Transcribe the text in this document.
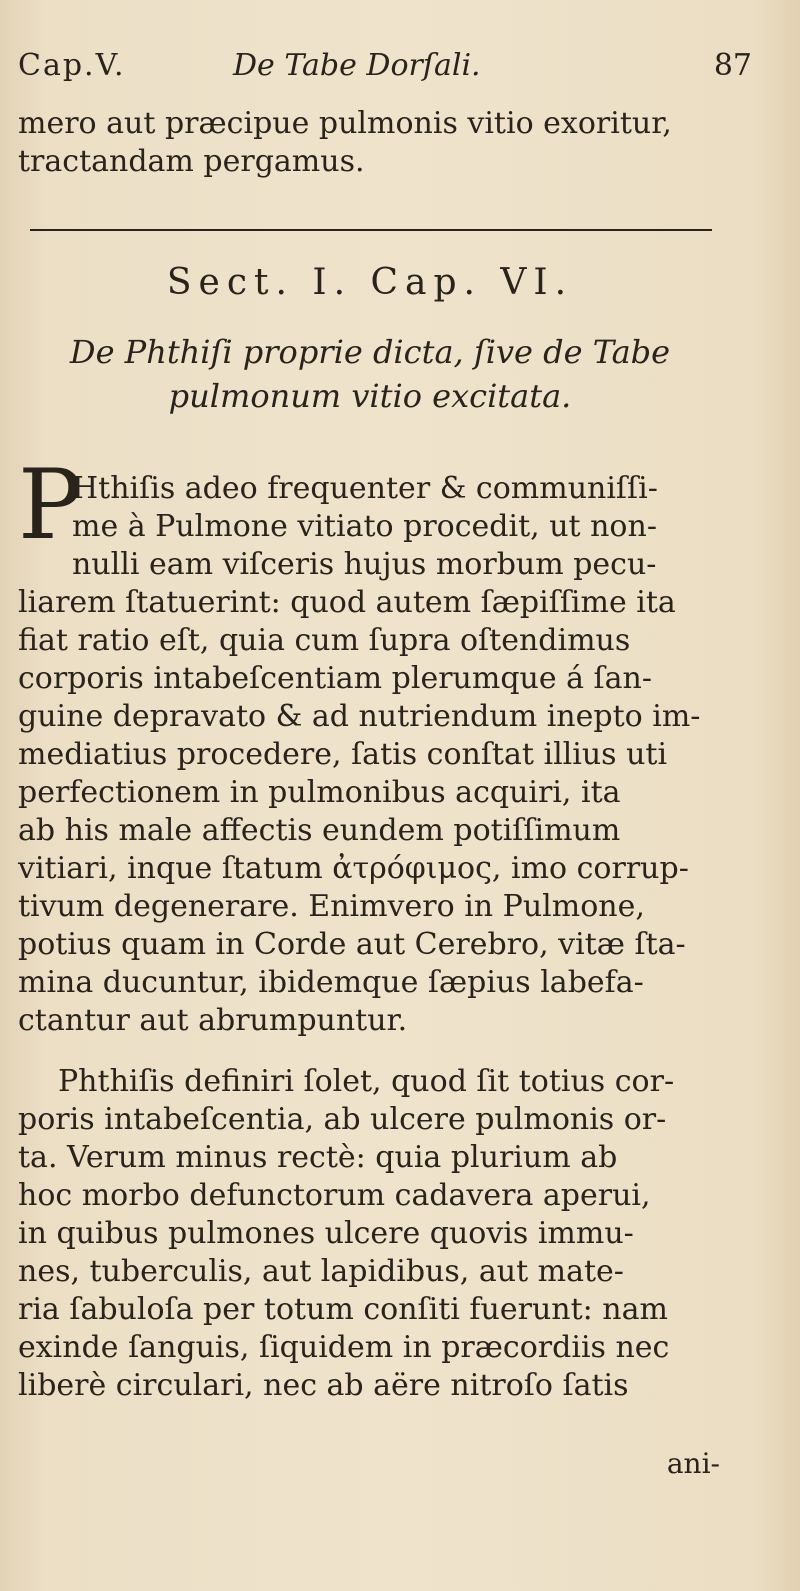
Cap.V.	De Tabe Dorſali.	87
mero aut præcipue pulmonis vitio exoritur,
tractandam pergamus.
Sect. I. Cap. VI.
De Phthiſi proprie dicta, ſive de Tabe
pulmonum vitio excitata.
P
Hthiſis adeo frequenter & communiſſi-
me à Pulmone vitiato procedit, ut non-
nulli eam viſceris hujus morbum pecu-
liarem ſtatuerint: quod autem ſæpiſſime ita
fiat ratio eſt, quia cum ſupra oſtendimus
corporis intabeſcentiam plerumque á ſan-
guine depravato & ad nutriendum inepto im-
mediatius procedere, ſatis conſtat illius uti
perfectionem in pulmonibus acquiri, ita
ab his male affectis eundem potiſſimum
vitiari, inque ſtatum ἀτρόφιμος, imo corrup-
tivum degenerare. Enimvero in Pulmone,
potius quam in Corde aut Cerebro, vitæ ſta-
mina ducuntur, ibidemque ſæpius labefa-
ctantur aut abrumpuntur.
Phthiſis definiri ſolet, quod ſit totius cor-
poris intabeſcentia, ab ulcere pulmonis or-
ta. Verum minus rectè: quia plurium ab
hoc morbo defunctorum cadavera aperui,
in quibus pulmones ulcere quovis immu-
nes, tuberculis, aut lapidibus, aut mate-
ria ſabuloſa per totum conſiti fuerunt: nam
exinde ſanguis, ſiquidem in præcordiis nec
liberè circulari, nec ab aëre nitroſo ſatis
ani-
